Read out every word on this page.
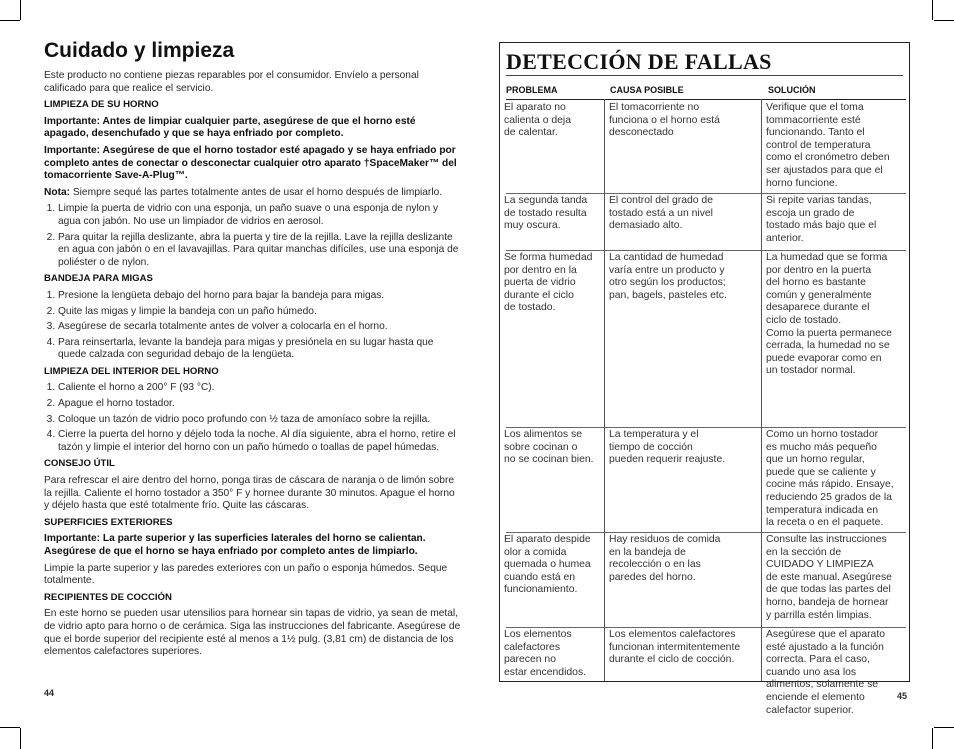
Cuidado y limpieza

Este producto no contiene piezas reparables por el consumidor. Envíelo a personal calificado para que realice el servicio.

LIMPIEZA DE SU HORNO

Importante: Antes de limpiar cualquier parte, asegúrese de que el horno esté apagado, desenchufado y que se haya enfriado por completo.

Importante: Asegúrese de que el horno tostador esté apagado y se haya enfriado por completo antes de conectar o desconectar cualquier otro aparato †SpaceMaker™ del tomacorriente Save-A-Plug™.

Nota: Siempre sequé las partes totalmente antes de usar el horno después de limpiarlo.

1. Limpie la puerta de vidrio con una esponja, un paño suave o una esponja de nylon y agua con jabón. No use un limpiador de vidrios en aerosol.
2. Para quitar la rejilla deslizante, abra la puerta y tire de la rejilla. Lave la rejilla deslizante en agua con jabón o en el lavavajillas. Para quitar manchas difíciles, use una esponja de poliéster o de nylon.
BANDEJA PARA MIGAS
1. Presione la lengüeta debajo del horno para bajar la bandeja para migas.
2. Quite las migas y limpie la bandeja con un paño húmedo.
3. Asegúrese de secarla totalmente antes de volver a colocarla en el horno.
4. Para reinsertarla, levante la bandeja para migas y presiónela en su lugar hasta que quede calzada con seguridad debajo de la lengüeta.
LIMPIEZA DEL INTERIOR DEL HORNO
1. Caliente el horno a 200° F (93 °C).
2. Apague el horno tostador.
3. Coloque un tazón de vidrio poco profundo con ½ taza de amoníaco sobre la rejilla.
4. Cierre la puerta del horno y déjelo toda la noche. Al día siguiente, abra el horno, retire el tazón y limpie el interior del horno con un paño húmedo o toallas de papel húmedas.
CONSEJO ÚTIL

Para refrescar el aire dentro del horno, ponga tiras de cáscara de naranja o de limón sobre la rejilla. Caliente el horno tostador a 350° F y hornee durante 30 minutos. Apague el horno y déjelo hasta que esté totalmente frío. Quite las cáscaras.

SUPERFICIES EXTERIORES

Importante: La parte superior y las superficies laterales del horno se calientan. Asegúrese de que el horno se haya enfriado por completo antes de limpiarlo.

Limpie la parte superior y las paredes exteriores con un paño o esponja húmedos. Seque totalmente.

RECIPIENTES DE COCCIÓN

En este horno se pueden usar utensilios para hornear sin tapas de vidrio, ya sean de metal, de vidrio apto para horno o de cerámica. Siga las instrucciones del fabricante. Asegúrese de que el borde superior del recipiente esté al menos a 1½ pulg. (3,81 cm) de distancia de los elementos calefactores superiores.

44
DETECCIÓN DE FALLAS
PROBLEMA	CAUSA POSIBLE	SOLUCIÓN
El aparato no
calienta o deja
de calentar.
El tomacorriente no
funciona o el horno está
desconectado
Verifique que el toma
tommacorriente esté
funcionando. Tanto el
control de temperatura
como el cronómetro deben
ser ajustados para que el
horno funcione.
La segunda tanda
de tostado resulta
muy oscura.
El control del grado de
tostado está a un nivel
demasiado alto.
Si repite varias tandas,
escoja un grado de
tostado más bajo que el
anterior.
Se forma humedad
por dentro en la
puerta de vidrio
durante el ciclo
de tostado.
La cantidad de humedad
varía entre un producto y
otro según los productos;
pan, bagels, pasteles etc.
La humedad que se forma
por dentro en la puerta
del horno es bastante
común y generalmente
desaparece durante el
ciclo de tostado.
Como la puerta permanece
cerrada, la humedad no se
puede evaporar como en
un tostador normal.
Los alimentos se
sobre cocinan o
no se cocinan bien.
La temperatura y el
tiempo de cocción
pueden requerir reajuste.
Como un horno tostador
es mucho más pequeño
que un horno regular,
puede que se caliente y
cocine más rápido. Ensaye,
reduciendo 25 grados de la
temperatura indicada en
la receta o en el paquete.
El aparato despide
olor a comida
quemada o humea
cuando está en
funcionamiento.
Hay residuos de comida
en la bandeja de
recolección o en las
paredes del horno.
Consulte las instrucciones
en la sección de
CUIDADO Y LIMPIEZA
de este manual. Asegúrese
de que todas las partes del
horno, bandeja de hornear
y parrilla estén limpias.
Los elementos
calefactores
parecen no
estar encendidos.
Los elementos calefactores
funcionan intermitentemente
durante el ciclo de cocción.
Asegúrese que el aparato
esté ajustado a la función
correcta. Para el caso,
cuando uno asa los
alimentos, solamente se
enciende el elemento
calefactor superior.
45
